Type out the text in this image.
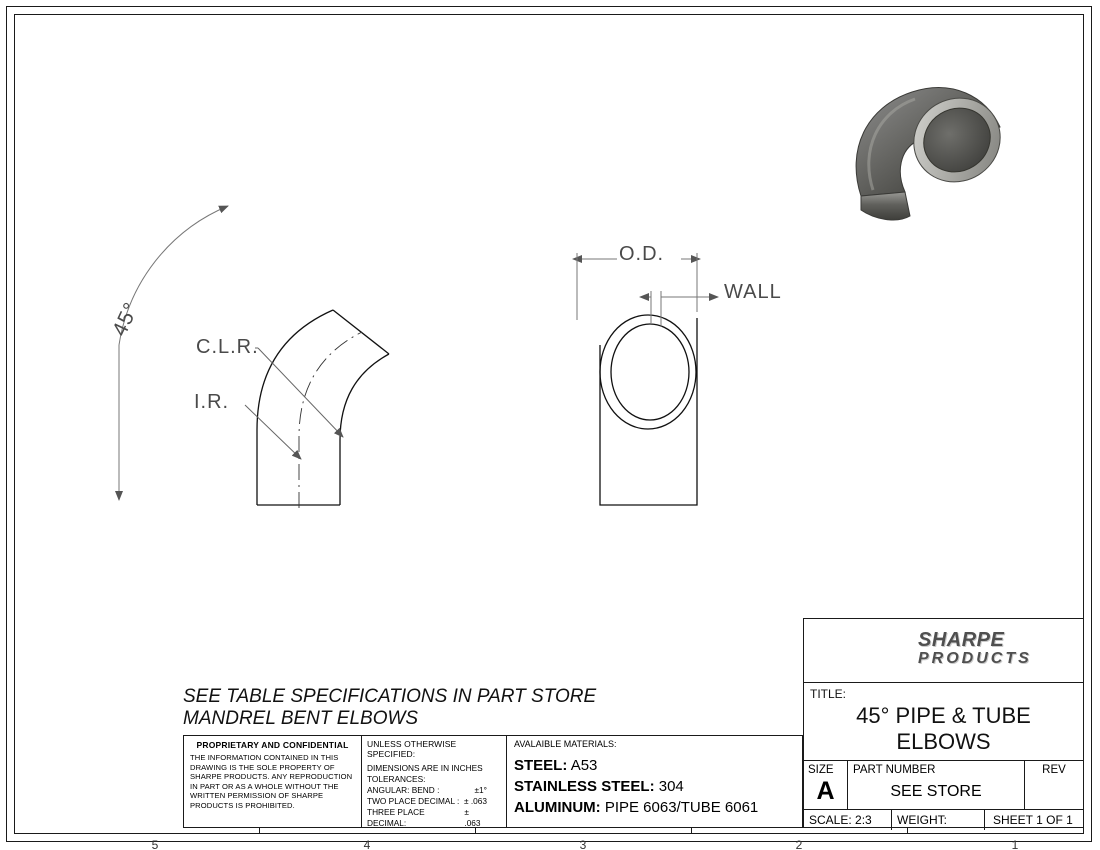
5	4	3	2	1
45°
C.L.R.
I.R.
O.D.
WALL
SEE TABLE SPECIFICATIONS IN PART STORE
MANDREL BENT ELBOWS
PROPRIETARY AND CONFIDENTIAL
THE INFORMATION CONTAINED IN THIS DRAWING IS THE SOLE PROPERTY OF SHARPE PRODUCTS. ANY REPRODUCTION IN PART OR AS A WHOLE WITHOUT THE WRITTEN PERMISSION OF SHARPE PRODUCTS IS PROHIBITED.
UNLESS OTHERWISE SPECIFIED:
DIMENSIONS ARE IN INCHES
TOLERANCES:
ANGULAR: BEND :	±1°
TWO PLACE DECIMAL : ± .063
THREE PLACE DECIMAL:
± .063
AVALAIBLE MATERIALS:
STEEL: A53
STAINLESS STEEL: 304
ALUMINUM: PIPE 6063/TUBE 6061
SHARPE
PRODUCTS
TITLE:
45° PIPE & TUBE
ELBOWS
SIZE
A
PART NUMBER
SEE STORE
REV
SCALE: 2:3	WEIGHT:	SHEET 1 OF 1
